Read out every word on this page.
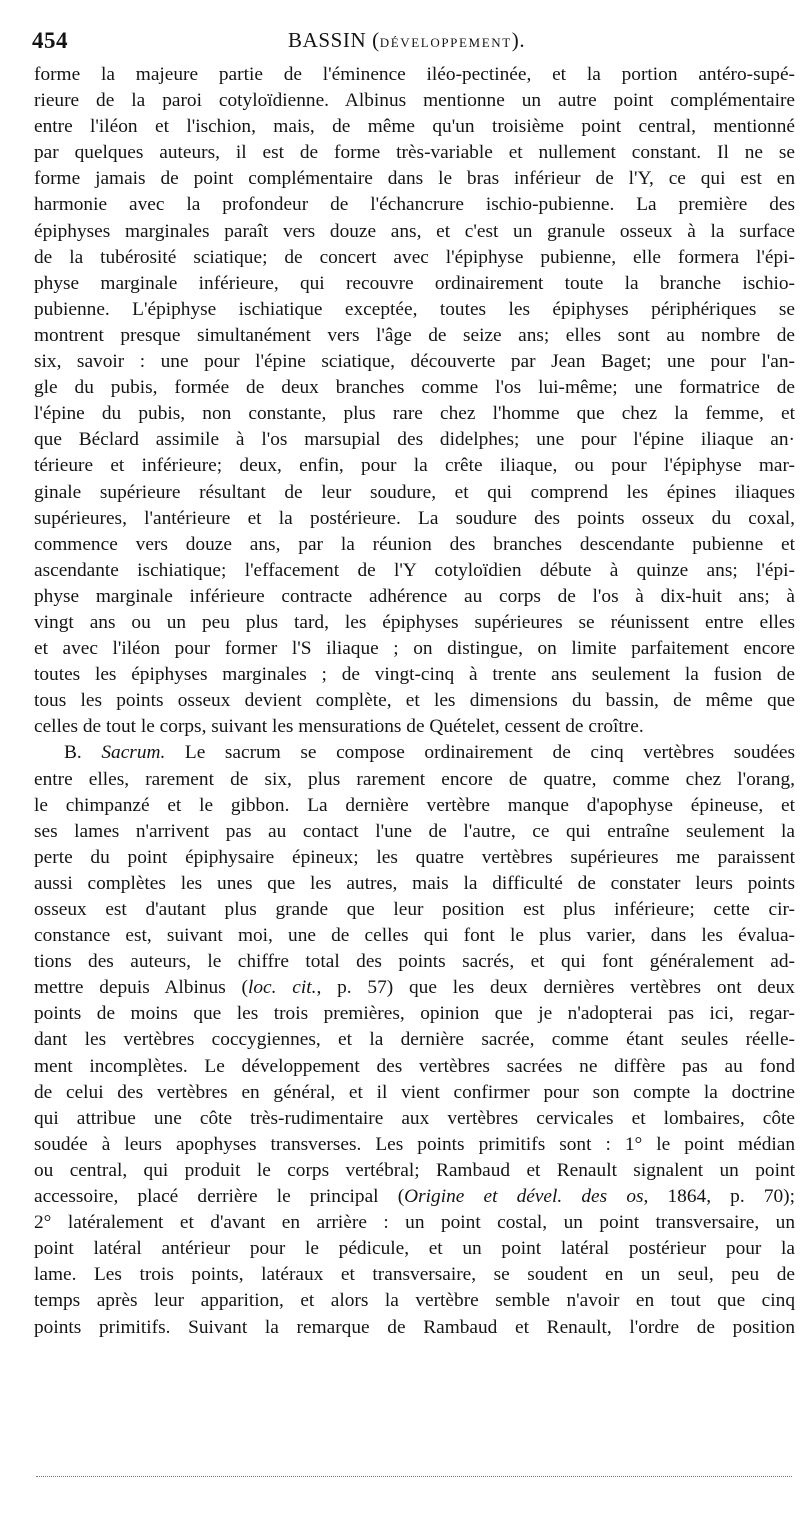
454	BASSIN (DÉVELOPPEMENT).
forme la majeure partie de l'éminence iléo-pectinée, et la portion antéro-supé-
rieure de la paroi cotyloïdienne. Albinus mentionne un autre point complémentaire
entre l'iléon et l'ischion, mais, de même qu'un troisième point central, mentionné
par quelques auteurs, il est de forme très-variable et nullement constant. Il ne se
forme jamais de point complémentaire dans le bras inférieur de l'Y, ce qui est en
harmonie avec la profondeur de l'échancrure ischio-pubienne. La première des
épiphyses marginales paraît vers douze ans, et c'est un granule osseux à la surface
de la tubérosité sciatique; de concert avec l'épiphyse pubienne, elle formera l'épi-
physe marginale inférieure, qui recouvre ordinairement toute la branche ischio-
pubienne. L'épiphyse ischiatique exceptée, toutes les épiphyses périphériques se
montrent presque simultanément vers l'âge de seize ans; elles sont au nombre de
six, savoir : une pour l'épine sciatique, découverte par Jean Baget; une pour l'an-
gle du pubis, formée de deux branches comme l'os lui-même; une formatrice de
l'épine du pubis, non constante, plus rare chez l'homme que chez la femme, et
que Béclard assimile à l'os marsupial des didelphes; une pour l'épine iliaque an·
térieure et inférieure; deux, enfin, pour la crête iliaque, ou pour l'épiphyse mar-
ginale supérieure résultant de leur soudure, et qui comprend les épines iliaques
supérieures, l'antérieure et la postérieure. La soudure des points osseux du coxal,
commence vers douze ans, par la réunion des branches descendante pubienne et
ascendante ischiatique; l'effacement de l'Y cotyloïdien débute à quinze ans; l'épi-
physe marginale inférieure contracte adhérence au corps de l'os à dix-huit ans; à
vingt ans ou un peu plus tard, les épiphyses supérieures se réunissent entre elles
et avec l'iléon pour former l'S iliaque ; on distingue, on limite parfaitement encore
toutes les épiphyses marginales ; de vingt-cinq à trente ans seulement la fusion de
tous les points osseux devient complète, et les dimensions du bassin, de même que
celles de tout le corps, suivant les mensurations de Quételet, cessent de croître.
B. Sacrum. Le sacrum se compose ordinairement de cinq vertèbres soudées
entre elles, rarement de six, plus rarement encore de quatre, comme chez l'orang,
le chimpanzé et le gibbon. La dernière vertèbre manque d'apophyse épineuse, et
ses lames n'arrivent pas au contact l'une de l'autre, ce qui entraîne seulement la
perte du point épiphysaire épineux; les quatre vertèbres supérieures me paraissent
aussi complètes les unes que les autres, mais la difficulté de constater leurs points
osseux est d'autant plus grande que leur position est plus inférieure; cette cir-
constance est, suivant moi, une de celles qui font le plus varier, dans les évalua-
tions des auteurs, le chiffre total des points sacrés, et qui font généralement ad-
mettre depuis Albinus (loc. cit., p. 57) que les deux dernières vertèbres ont deux
points de moins que les trois premières, opinion que je n'adopterai pas ici, regar-
dant les vertèbres coccygiennes, et la dernière sacrée, comme étant seules réelle-
ment incomplètes. Le développement des vertèbres sacrées ne diffère pas au fond
de celui des vertèbres en général, et il vient confirmer pour son compte la doctrine
qui attribue une côte très-rudimentaire aux vertèbres cervicales et lombaires, côte
soudée à leurs apophyses transverses. Les points primitifs sont : 1° le point médian
ou central, qui produit le corps vertébral; Rambaud et Renault signalent un point
accessoire, placé derrière le principal (Origine et dével. des os, 1864, p. 70);
2° latéralement et d'avant en arrière : un point costal, un point transversaire, un
point latéral antérieur pour le pédicule, et un point latéral postérieur pour la
lame. Les trois points, latéraux et transversaire, se soudent en un seul, peu de
temps après leur apparition, et alors la vertèbre semble n'avoir en tout que cinq
points primitifs. Suivant la remarque de Rambaud et Renault, l'ordre de position
